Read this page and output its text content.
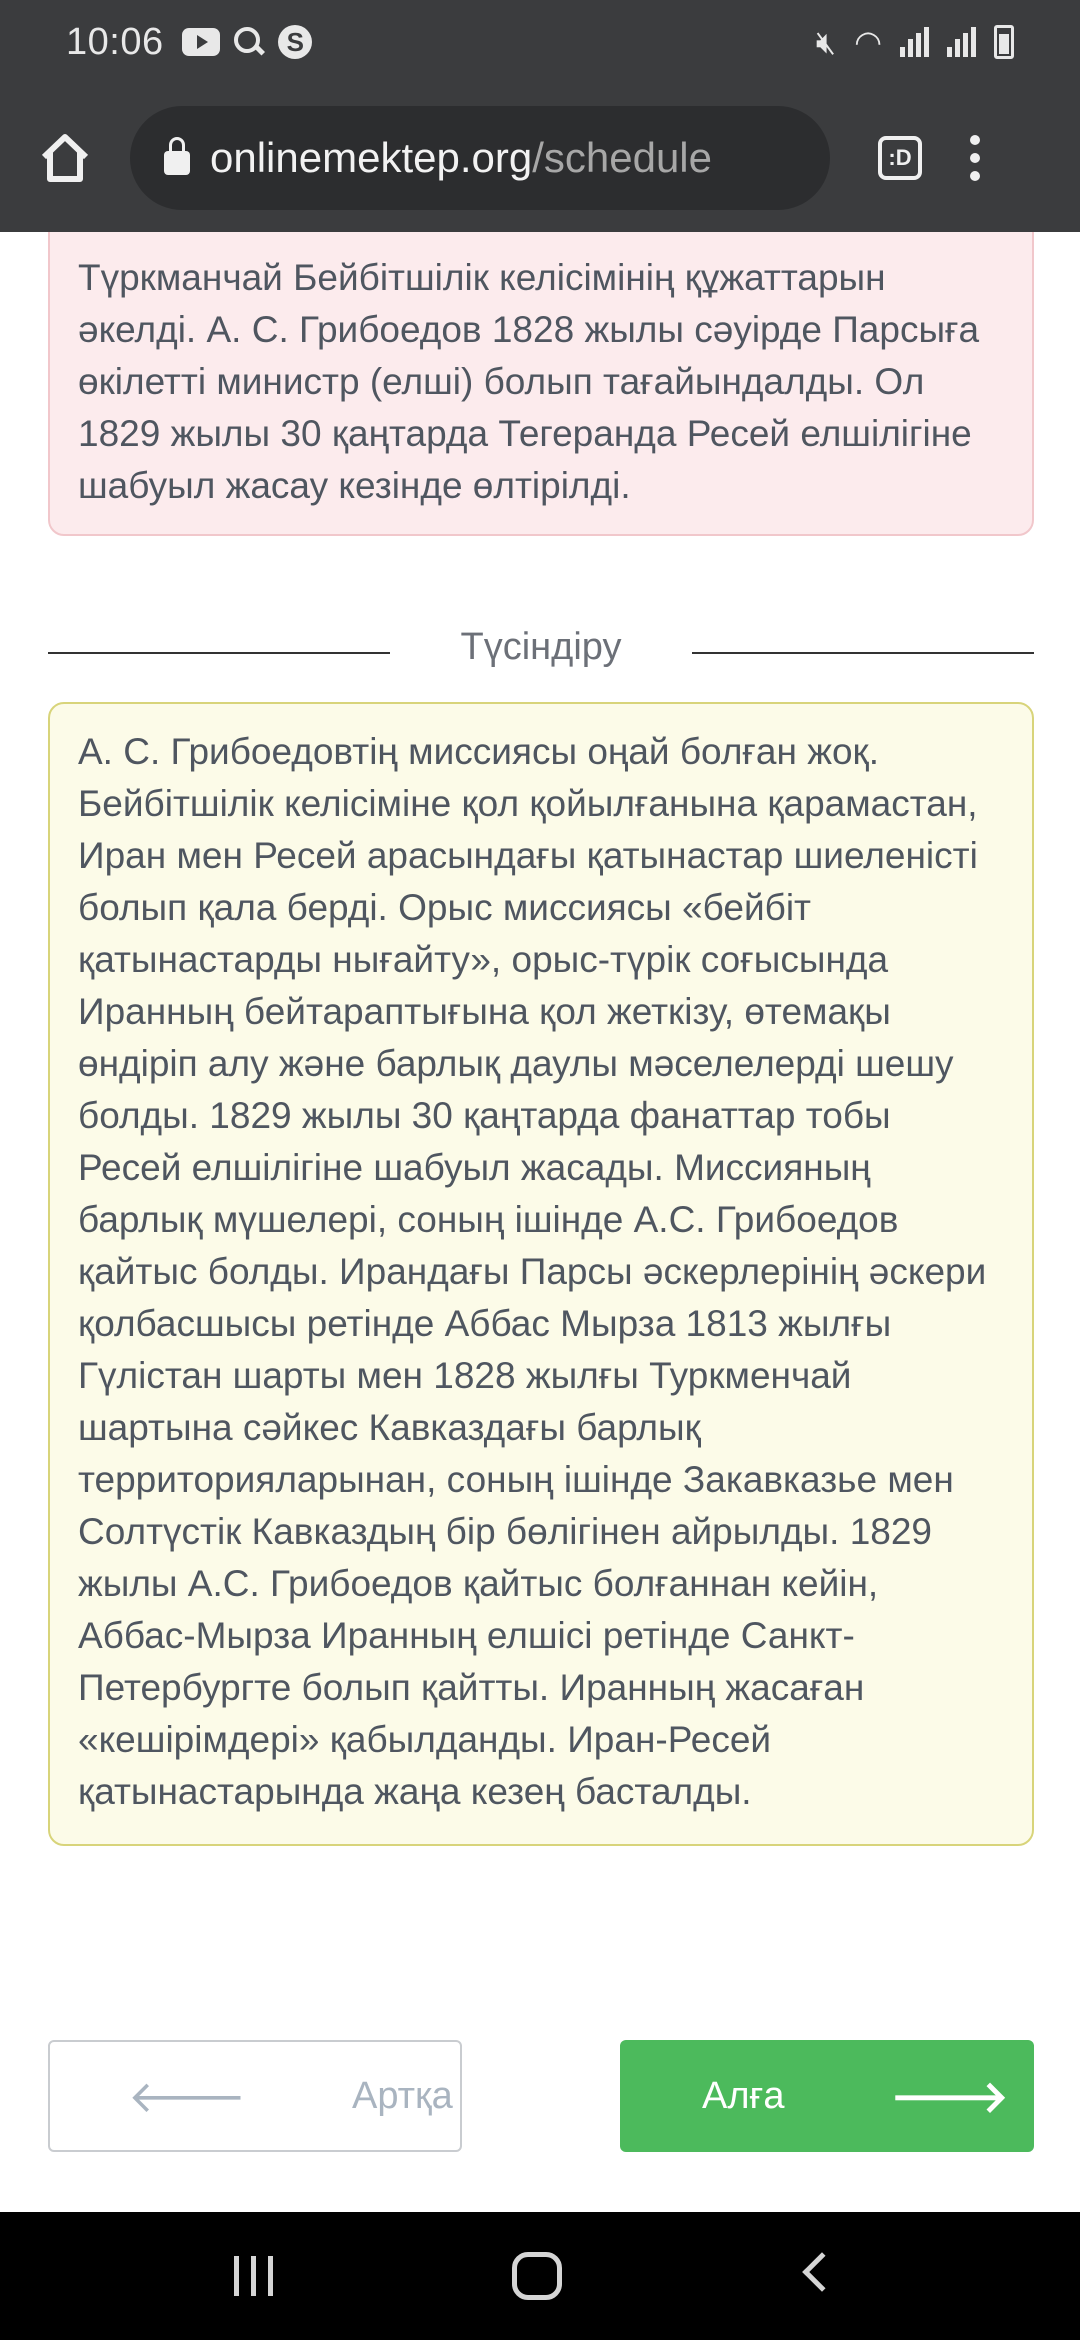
10:06
S	🔇︎ ◠
onlinemektep.org /schedule	:D

Түркманчай Бейбітшілік келісімінің құжаттарын әкелді. А. С. Грибоедов 1828 жылы сәуірде Парсыға өкілетті министр (елші) болып тағайындалды. Ол 1829 жылы 30 қаңтарда Тегеранда Ресей елшілігіне шабуыл жасау кезінде өлтірілді.

Түсіндіру

А. С. Грибоедовтің миссиясы оңай болған жоқ. Бейбітшілік келісіміне қол қойылғанына қарамастан, Иран мен Ресей арасындағы қатынастар шиеленісті болып қала берді. Орыс миссиясы «бейбіт қатынастарды нығайту», орыс-түрік соғысында Иранның бейтараптығына қол жеткізу, өтемақы өндіріп алу және барлық даулы мәселелерді шешу болды. 1829 жылы 30 қаңтарда фанаттар тобы Ресей елшілігіне шабуыл жасады. Миссияның барлық мүшелері, соның ішінде А.С. Грибоедов қайтыс болды. Ирандағы Парсы әскерлерінің әскери қолбасшысы ретінде Аббас Мырза 1813 жылғы Гүлістан шарты мен 1828 жылғы Туркменчай шартына сәйкес Кавказдағы барлық территорияларынан, соның ішінде Закавказье мен Солтүстік Кавказдың бір бөлігінен айрылды. 1829 жылы А.С. Грибоедов қайтыс болғаннан кейін, Аббас-Мырза Иранның елшісі ретінде Санкт-Петербургте болып қайтты. Иранның жасаған «кешірімдері» қабылданды. Иран-Ресей қатынастарында жаңа кезең басталды.

🡐	Артқа	Алға 🡒
